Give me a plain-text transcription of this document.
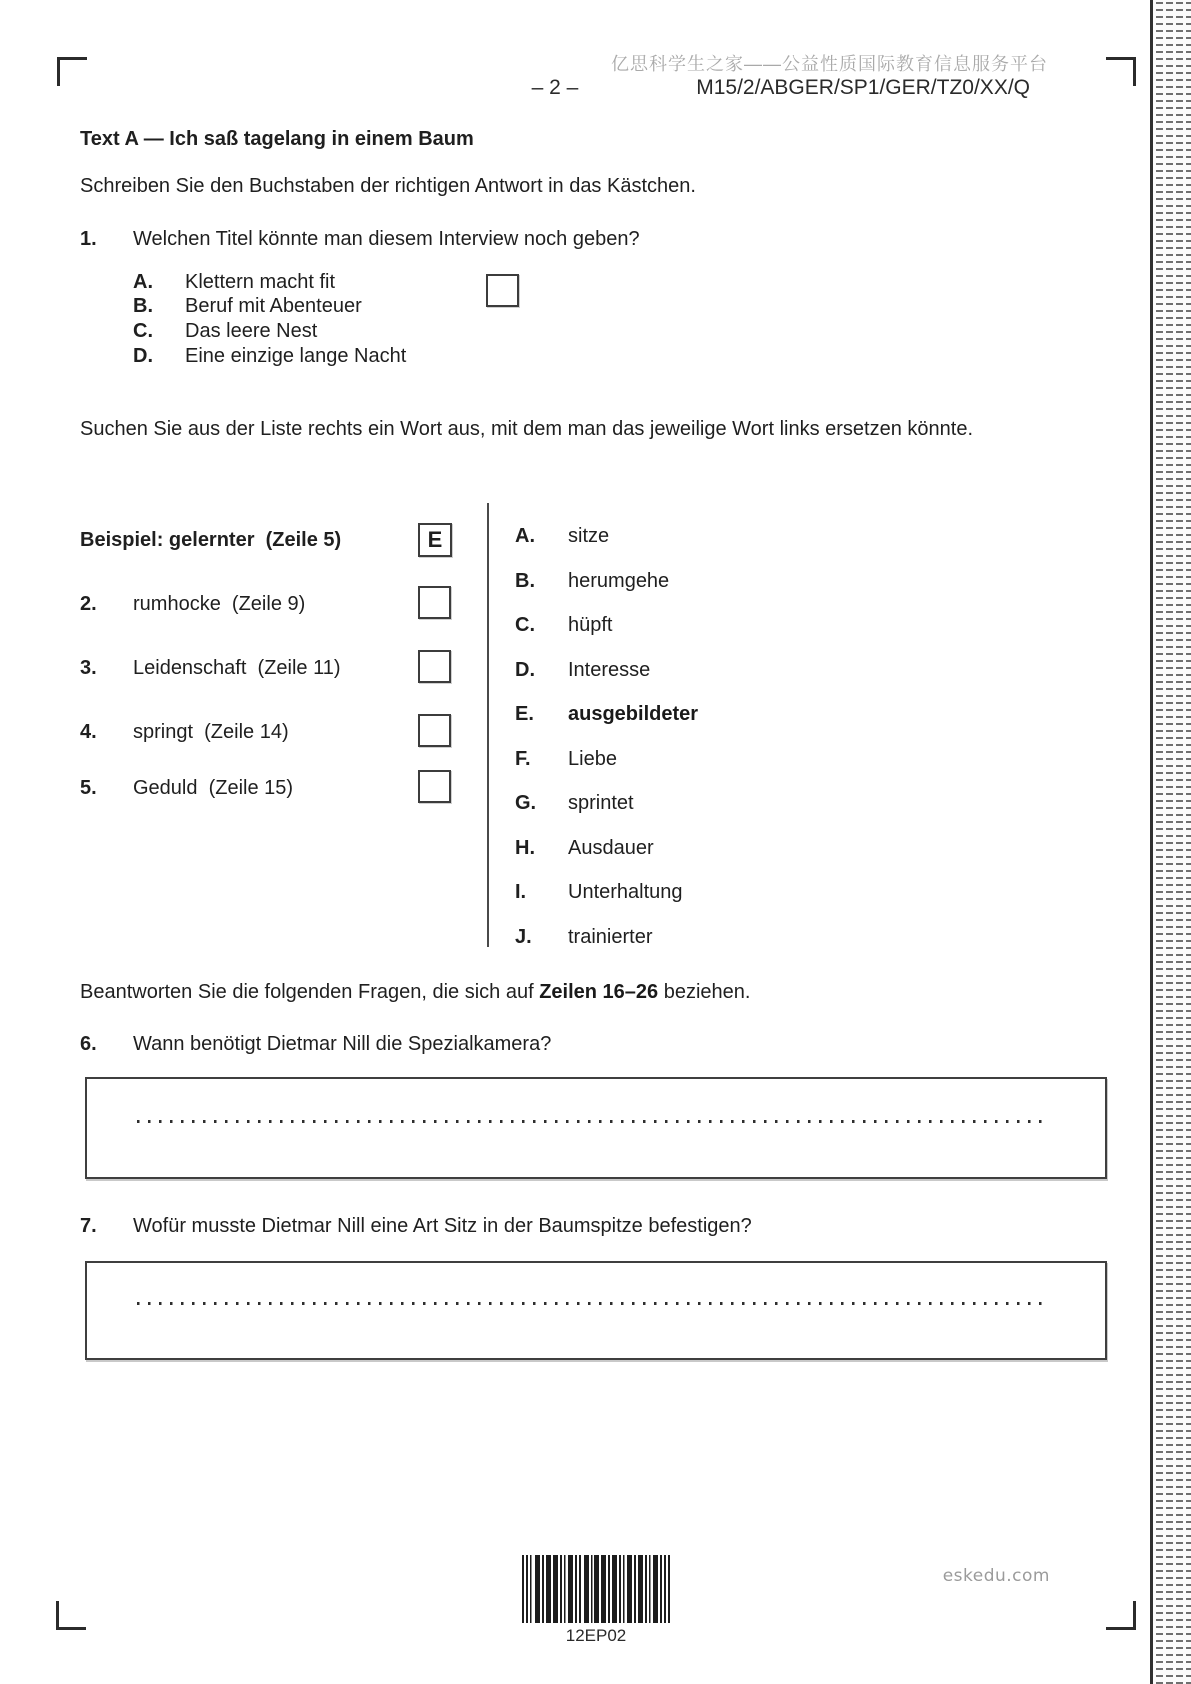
亿思科学生之家——公益性质国际教育信息服务平台
– 2 –	M15/2/ABGER/SP1/GER/TZ0/XX/Q
Text A — Ich saß tagelang in einem Baum
Schreiben Sie den Buchstaben der richtigen Antwort in das Kästchen.
1. Welchen Titel könnte man diesem Interview noch geben?
A.	Klettern macht fit
B.	Beruf mit Abenteuer
C.	Das leere Nest
D.	Eine einzige lange Nacht
Suchen Sie aus der Liste rechts ein Wort aus, mit dem man das jeweilige Wort links ersetzen könnte.
Beispiel: gelernter  (Zeile 5)	E
2. rumhocke  (Zeile 9)
3. Leidenschaft  (Zeile 11)
4. springt  (Zeile 14)
5. Geduld  (Zeile 15)
A. sitze
B. herumgehe
C. hüpft
D. Interesse
E. ausgebildeter
F. Liebe
G. sprintet
H. Ausdauer
I. Unterhaltung
J. trainierter
Beantworten Sie die folgenden Fragen, die sich auf Zeilen 16–26 beziehen.
6. Wann benötigt Dietmar Nill die Spezialkamera?
7. Wofür musste Dietmar Nill eine Art Sitz in der Baumspitze befestigen?
12EP02
eskedu.com
